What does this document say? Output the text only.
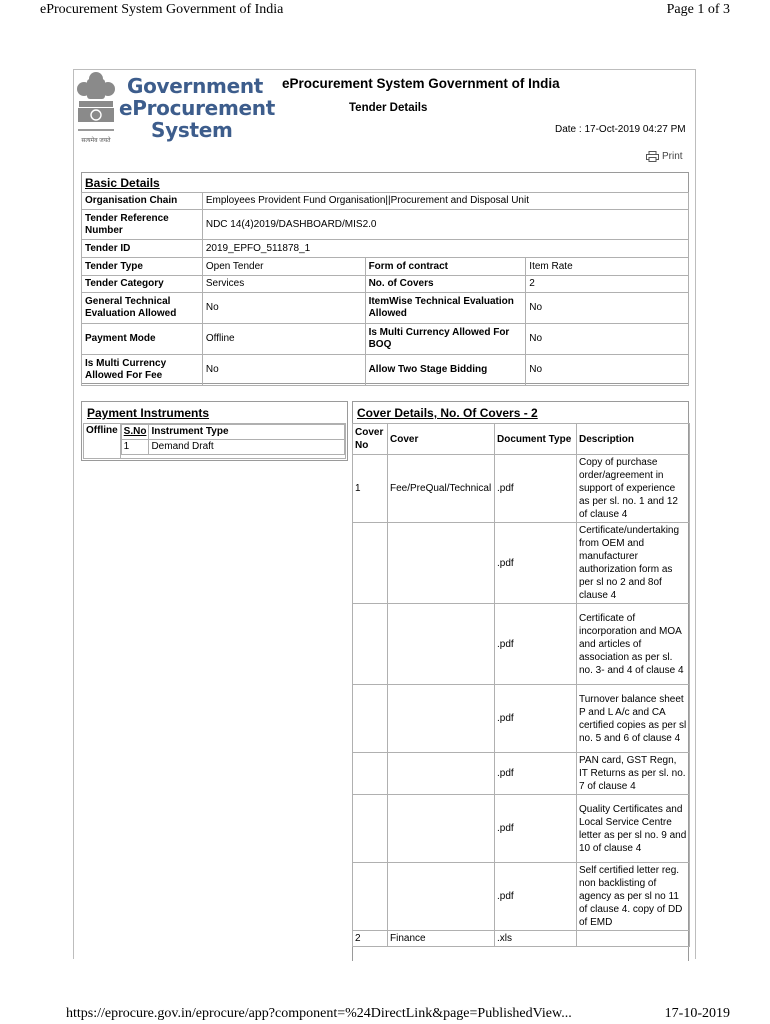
eProcurement System Government of India	Page 1 of 3
सत्यमेव जयते
Government
eProcurement
System
eProcurement System Government of India
Tender Details
Date : 17-Oct-2019 04:27 PM
Print
Basic Details
Organisation Chain	Employees Provident Fund Organisation||Procurement and Disposal Unit		
Tender Reference Number	NDC 14(4)2019/DASHBOARD/MIS2.0		
Tender ID	2019_EPFO_511878_1		
Tender Type	Open Tender	Form of contract	Item Rate
Tender Category	Services	No. of Covers	2
General Technical Evaluation Allowed	No	ItemWise Technical Evaluation Allowed	No
Payment Mode	Offline	Is Multi Currency Allowed For BOQ	No
Is Multi Currency Allowed For Fee	No	Allow Two Stage Bidding	No
Payment Instruments
Offline	S.No	Instrument Type
1	Demand Draft
Cover Details, No. Of Covers - 2
Cover No	Cover	Document Type	Description
1	Fee/PreQual/Technical	.pdf	Copy of purchase order/agreement in support of experience as per sl. no. 1 and 12 of clause 4
		.pdf	Certificate/undertaking from OEM and manufacturer authorization form as per sl no 2 and 8of clause 4
		.pdf	Certificate of incorporation and MOA and articles of association as per sl. no. 3- and 4 of clause 4
		.pdf	Turnover balance sheet P and L A/c and CA certified copies as per sl no. 5 and 6 of clause 4
		.pdf	PAN card, GST Regn, IT Returns as per sl. no. 7 of clause 4
		.pdf	Quality Certificates and Local Service Centre letter as per sl no. 9 and 10 of clause 4
		.pdf	Self certified letter reg. non backlisting of agency as per sl no 11 of clause 4. copy of DD of EMD
2	Finance	.xls	
https://eprocure.gov.in/eprocure/app?component=%24DirectLink&page=PublishedView...	17-10-2019
